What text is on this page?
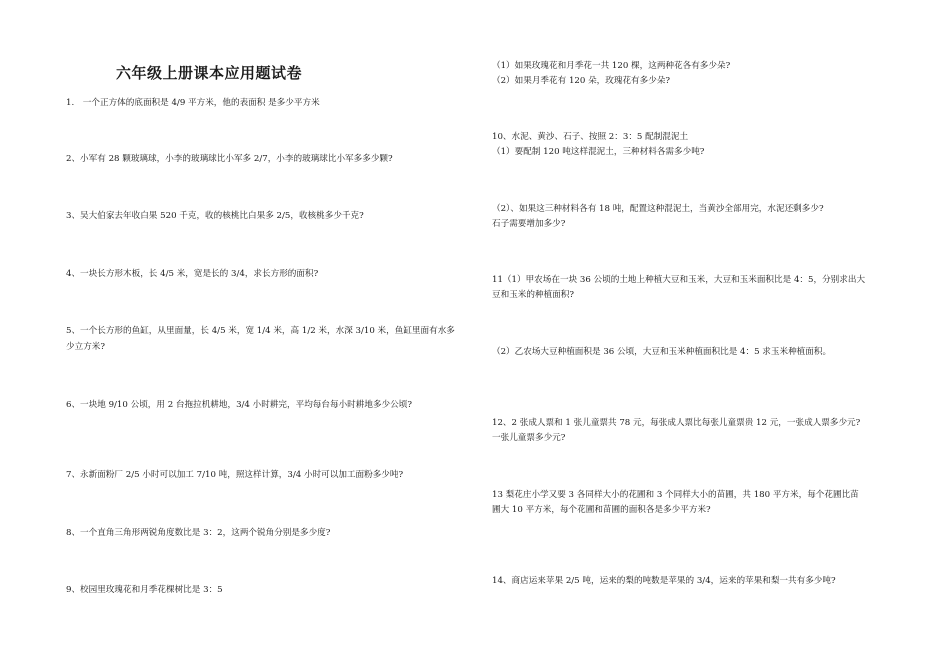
六年级上册课本应用题试卷
1.　一个正方体的底面积是 4/9 平方米，他的表面积 是多少平方米
2、小军有 28 颗玻璃球，小李的玻璃球比小军多 2/7，小李的玻璃球比小军多多少颗?
3、吴大伯家去年收白果 520 千克，收的核桃比白果多 2/5，收核桃多少千克?
4、一块长方形木板，长 4/5 米，宽是长的 3/4，求长方形的面积?
5、一个长方形的鱼缸，从里面量，长 4/5 米，宽 1/4 米，高 1/2 米，水深 3/10 米，鱼缸里面有水多
少立方米?
6、一块地 9/10 公顷，用 2 台拖拉机耕地，3/4 小时耕完，平均每台每小时耕地多少公顷?
7、永新面粉厂 2/5 小时可以加工 7/10 吨，照这样计算，3/4 小时可以加工面粉多少吨?
8、一个直角三角形两锐角度数比是 3：2，这两个锐角分别是多少度?
9、校园里玫瑰花和月季花棵树比是 3：5
（1）如果玫瑰花和月季花一共 120 棵，这两种花各有多少朵?
（2）如果月季花有 120 朵，玫瑰花有多少朵?
10、水泥、黄沙、石子、按照 2：3：5 配制混泥土
（1）要配制 120 吨这样混泥土，三种材料各需多少吨?
（2）、如果这三种材料各有 18 吨，配置这种混泥土，当黄沙全部用完，水泥还剩多少?
石子需要增加多少?
11（1）甲农场在一块 36 公顷的土地上种植大豆和玉米，大豆和玉米面积比是 4：5，分别求出大
豆和玉米的种植面积?
（2）乙农场大豆种植面积是 36 公顷，大豆和玉米种植面积比是 4：5 求玉米种植面积。
12、2 张成人票和 1 张儿童票共 78 元，每张成人票比每张儿童票贵 12 元，一张成人票多少元?
一张儿童票多少元?
13 梨花庄小学又要 3 各同样大小的花圃和 3 个同样大小的苗圃，共 180 平方米，每个花圃比苗
圃大 10 平方米，每个花圃和苗圃的面积各是多少平方米?
14、商店运来苹果 2/5 吨，运来的梨的吨数是苹果的 3/4，运来的苹果和梨一共有多少吨?
